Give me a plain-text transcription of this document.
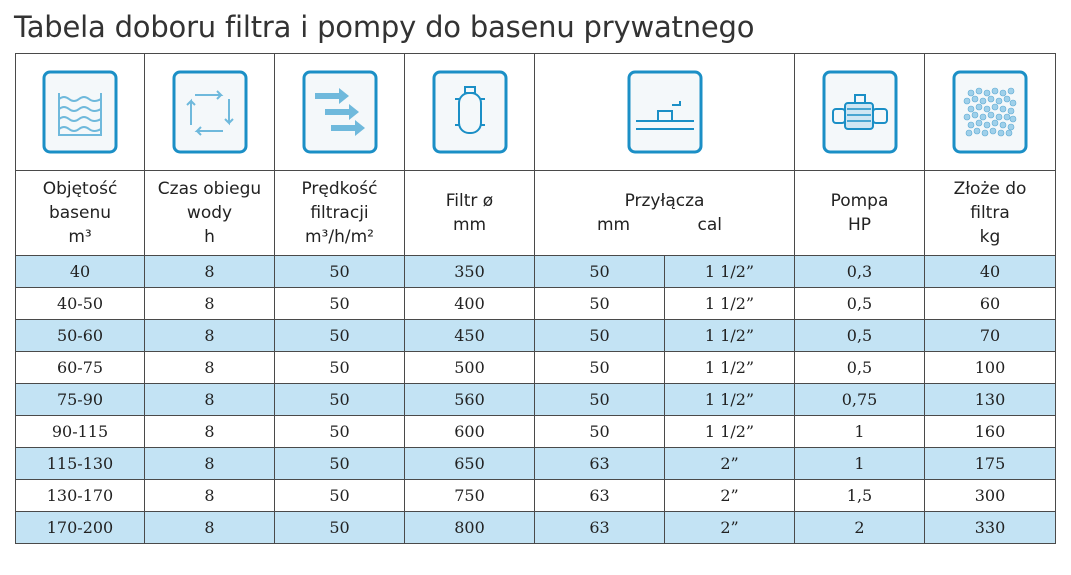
Tabela doboru filtra i pompy do basenu prywatnego

Objętość
basenu
m³	Czas obiegu
wody
h	Prędkość
filtracji
m³/h/m²	Filtr ø
mm	Przyłącza
mm cal		Pompa
HP	Złoże do
filtra
kg

40	8	50	350	50	1 1/2”	0,3	40
40-50	8	50	400	50	1 1/2”	0,5	60
50-60	8	50	450	50	1 1/2”	0,5	70
60-75	8	50	500	50	1 1/2”	0,5	100
75-90	8	50	560	50	1 1/2”	0,75	130
90-115	8	50	600	50	1 1/2”	1	160
115-130	8	50	650	63	2”	1	175
130-170	8	50	750	63	2”	1,5	300
170-200	8	50	800	63	2”	2	330
